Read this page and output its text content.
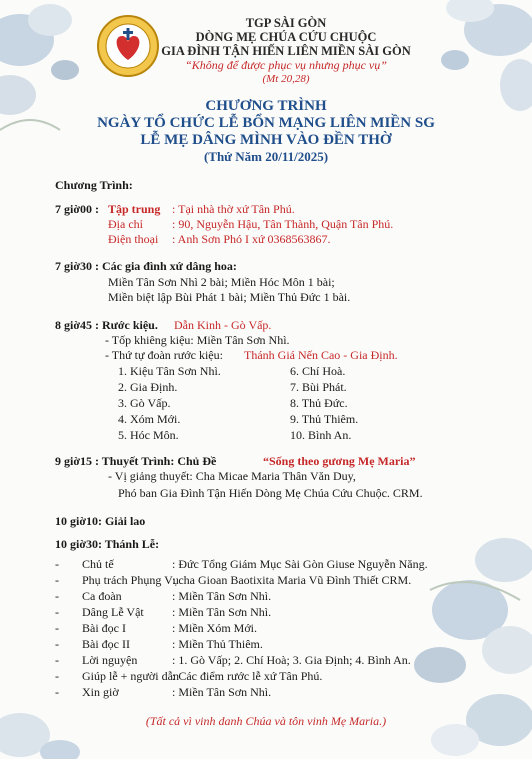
TGP SÀI GÒN
DÒNG MẸ CHÚA CỨU CHUỘC
GIA ĐÌNH TẬN HIẾN LIÊN MIỀN SÀI GÒN
“Không để được phục vụ nhưng phục vụ”
(Mt 20,28)
CHƯƠNG TRÌNH
NGÀY TỔ CHỨC LỄ BỔN MẠNG LIÊN MIỀN SG
LỄ MẸ DÂNG MÌNH VÀO ĐỀN THỜ
(Thứ Năm 20/11/2025)
Chương Trình:
7 giờ00 : Tập trung : Tại nhà thờ xứ Tân Phú.
Địa chỉ : 90, Nguyễn Hậu, Tân Thành, Quận Tân Phú.
Điện thoại : Anh Sơn Phó I xứ 0368563867.
7 giờ30 : Các gia đình xứ dâng hoa:
Miền Tân Sơn Nhì 2 bài; Miền Hóc Môn 1 bài;
Miền biệt lập Bùi Phát 1 bài; Miền Thủ Đức 1 bài.
8 giờ45 : Rước kiệu. Dẫn Kinh - Gò Vấp.
- Tốp khiêng kiệu: Miền Tân Sơn Nhì.
- Thứ tự đoàn rước kiệu: Thánh Giá Nến Cao - Gia Định.
1. Kiệu Tân Sơn Nhì.
2. Gia Định.
3. Gò Vấp.
4. Xóm Mới.
5. Hóc Môn.
6. Chí Hoà.
7. Bùi Phát.
8. Thủ Đức.
9. Thủ Thiêm.
10. Bình An.
9 giờ15 : Thuyết Trình: Chủ Đề	“Sống theo gương Mẹ Maria”
- Vị giảng thuyết: Cha Micae Maria Thân Văn Duy,
Phó ban Gia Đình Tận Hiến Dòng Mẹ Chúa Cứu Chuộc. CRM.
10 giờ10: Giải lao
10 giờ30: Thánh Lễ:
- Chủ tế	: Đức Tổng Giám Mục Sài Gòn Giuse Nguyễn Năng.
- Phụ trách Phụng Vụ
: cha Gioan Baotixita Maria Vũ Đình Thiết CRM.
- Ca đoàn	: Miền Tân Sơn Nhì.
- Dâng Lễ Vật : Miền Tân Sơn Nhì.
- Bài đọc I	: Miền Xóm Mới.
- Bài đọc II	: Miền Thủ Thiêm.
- Lời nguyện	: 1. Gò Vấp; 2. Chí Hoà; 3. Gia Định; 4. Bình An.
- Giúp lễ + người dẫn
: Các điểm rước lễ xứ Tân Phú.
- Xin giờ	: Miền Tân Sơn Nhì.
(Tất cả vì vinh danh Chúa và tôn vinh Mẹ Maria.)
